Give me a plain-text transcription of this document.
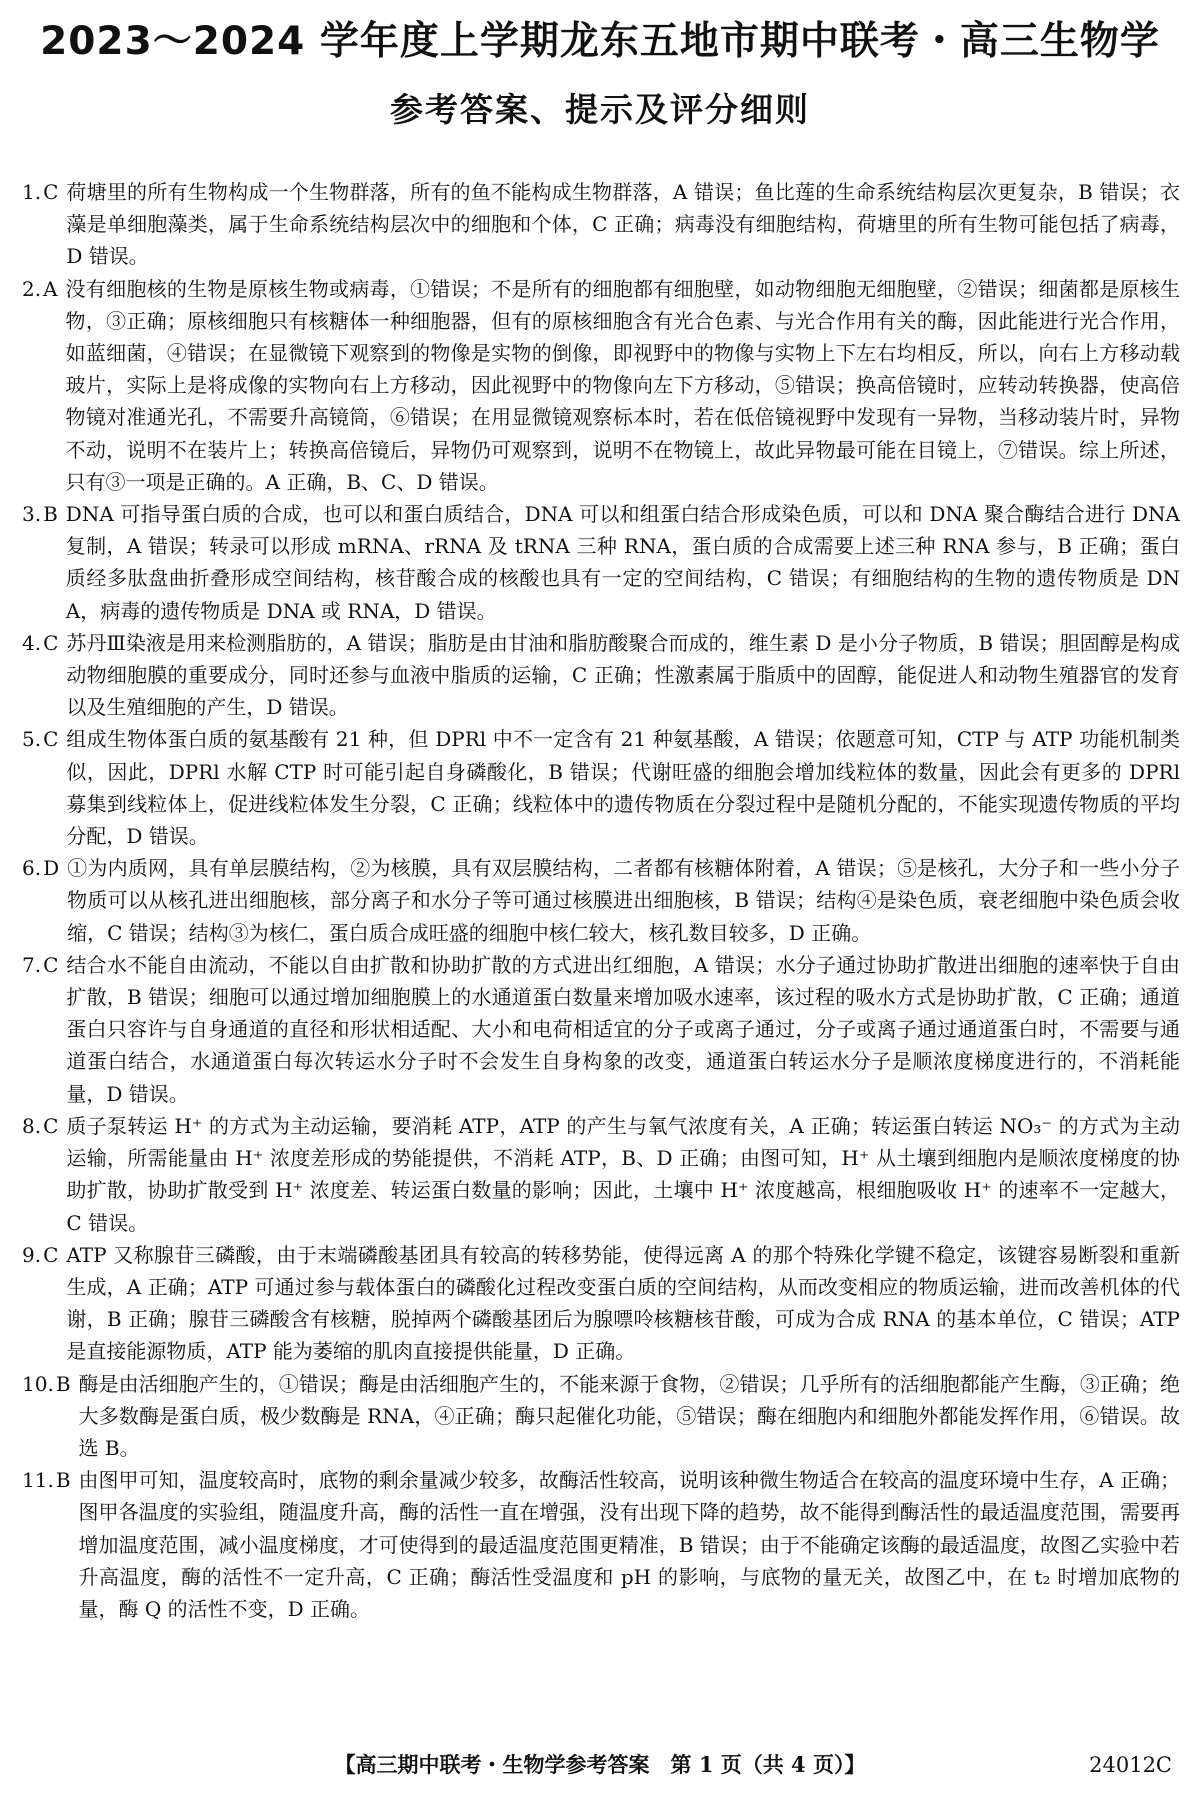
2023～2024 学年度上学期龙东五地市期中联考・高三生物学
参考答案、提示及评分细则
1. C 荷塘里的所有生物构成一个生物群落，所有的鱼不能构成生物群落，A 错误；鱼比莲的生命系统结构层次更复杂，B 错误；衣藻是单细胞藻类，属于生命系统结构层次中的细胞和个体，C 正确；病毒没有细胞结构，荷塘里的所有生物可能包括了病毒，D 错误。
2. A 没有细胞核的生物是原核生物或病毒，①错误；不是所有的细胞都有细胞壁，如动物细胞无细胞壁，②错误；细菌都是原核生物，③正确；原核细胞只有核糖体一种细胞器，但有的原核细胞含有光合色素、与光合作用有关的酶，因此能进行光合作用，如蓝细菌，④错误；在显微镜下观察到的物像是实物的倒像，即视野中的物像与实物上下左右均相反，所以，向右上方移动载玻片，实际上是将成像的实物向右上方移动，因此视野中的物像向左下方移动，⑤错误；换高倍镜时，应转动转换器，使高倍物镜对准通光孔，不需要升高镜筒，⑥错误；在用显微镜观察标本时，若在低倍镜视野中发现有一异物，当移动装片时，异物不动，说明不在装片上；转换高倍镜后，异物仍可观察到，说明不在物镜上，故此异物最可能在目镜上，⑦错误。综上所述，只有③一项是正确的。A 正确，B、C、D 错误。
3. B DNA 可指导蛋白质的合成，也可以和蛋白质结合，DNA 可以和组蛋白结合形成染色质，可以和 DNA 聚合酶结合进行 DNA 复制，A 错误；转录可以形成 mRNA、rRNA 及 tRNA 三种 RNA，蛋白质的合成需要上述三种 RNA 参与，B 正确；蛋白质经多肽盘曲折叠形成空间结构，核苷酸合成的核酸也具有一定的空间结构，C 错误；有细胞结构的生物的遗传物质是 DNA，病毒的遗传物质是 DNA 或 RNA，D 错误。
4. C 苏丹Ⅲ染液是用来检测脂肪的，A 错误；脂肪是由甘油和脂肪酸聚合而成的，维生素 D 是小分子物质，B 错误；胆固醇是构成动物细胞膜的重要成分，同时还参与血液中脂质的运输，C 正确；性激素属于脂质中的固醇，能促进人和动物生殖器官的发育以及生殖细胞的产生，D 错误。
5. C 组成生物体蛋白质的氨基酸有 21 种，但 DPRl 中不一定含有 21 种氨基酸，A 错误；依题意可知，CTP 与 ATP 功能机制类似，因此，DPRl 水解 CTP 时可能引起自身磷酸化，B 错误；代谢旺盛的细胞会增加线粒体的数量，因此会有更多的 DPRl 募集到线粒体上，促进线粒体发生分裂，C 正确；线粒体中的遗传物质在分裂过程中是随机分配的，不能实现遗传物质的平均分配，D 错误。
6. D ①为内质网，具有单层膜结构，②为核膜，具有双层膜结构，二者都有核糖体附着，A 错误；⑤是核孔，大分子和一些小分子物质可以从核孔进出细胞核，部分离子和水分子等可通过核膜进出细胞核，B 错误；结构④是染色质，衰老细胞中染色质会收缩，C 错误；结构③为核仁，蛋白质合成旺盛的细胞中核仁较大，核孔数目较多，D 正确。
7. C 结合水不能自由流动，不能以自由扩散和协助扩散的方式进出红细胞，A 错误；水分子通过协助扩散进出细胞的速率快于自由扩散，B 错误；细胞可以通过增加细胞膜上的水通道蛋白数量来增加吸水速率，该过程的吸水方式是协助扩散，C 正确；通道蛋白只容许与自身通道的直径和形状相适配、大小和电荷相适宜的分子或离子通过，分子或离子通过通道蛋白时，不需要与通道蛋白结合，水通道蛋白每次转运水分子时不会发生自身构象的改变，通道蛋白转运水分子是顺浓度梯度进行的，不消耗能量，D 错误。
8. C 质子泵转运 H⁺ 的方式为主动运输，要消耗 ATP，ATP 的产生与氧气浓度有关，A 正确；转运蛋白转运 NO₃⁻ 的方式为主动运输，所需能量由 H⁺ 浓度差形成的势能提供，不消耗 ATP，B、D 正确；由图可知，H⁺ 从土壤到细胞内是顺浓度梯度的协助扩散，协助扩散受到 H⁺ 浓度差、转运蛋白数量的影响；因此，土壤中 H⁺ 浓度越高，根细胞吸收 H⁺ 的速率不一定越大，C 错误。
9. C ATP 又称腺苷三磷酸，由于末端磷酸基团具有较高的转移势能，使得远离 A 的那个特殊化学键不稳定，该键容易断裂和重新生成，A 正确；ATP 可通过参与载体蛋白的磷酸化过程改变蛋白质的空间结构，从而改变相应的物质运输，进而改善机体的代谢，B 正确；腺苷三磷酸含有核糖，脱掉两个磷酸基团后为腺嘌呤核糖核苷酸，可成为合成 RNA 的基本单位，C 错误；ATP 是直接能源物质，ATP 能为萎缩的肌肉直接提供能量，D 正确。
10. B 酶是由活细胞产生的，①错误；酶是由活细胞产生的，不能来源于食物，②错误；几乎所有的活细胞都能产生酶，③正确；绝大多数酶是蛋白质，极少数酶是 RNA，④正确；酶只起催化功能，⑤错误；酶在细胞内和细胞外都能发挥作用，⑥错误。故选 B。
11. B 由图甲可知，温度较高时，底物的剩余量减少较多，故酶活性较高，说明该种微生物适合在较高的温度环境中生存，A 正确；图甲各温度的实验组，随温度升高，酶的活性一直在增强，没有出现下降的趋势，故不能得到酶活性的最适温度范围，需要再增加温度范围，减小温度梯度，才可使得到的最适温度范围更精准，B 错误；由于不能确定该酶的最适温度，故图乙实验中若升高温度，酶的活性不一定升高，C 正确；酶活性受温度和 pH 的影响，与底物的量无关，故图乙中，在 t₂ 时增加底物的量，酶 Q 的活性不变，D 正确。
【高三期中联考・生物学参考答案　第 1 页（共 4 页）】	24012C
